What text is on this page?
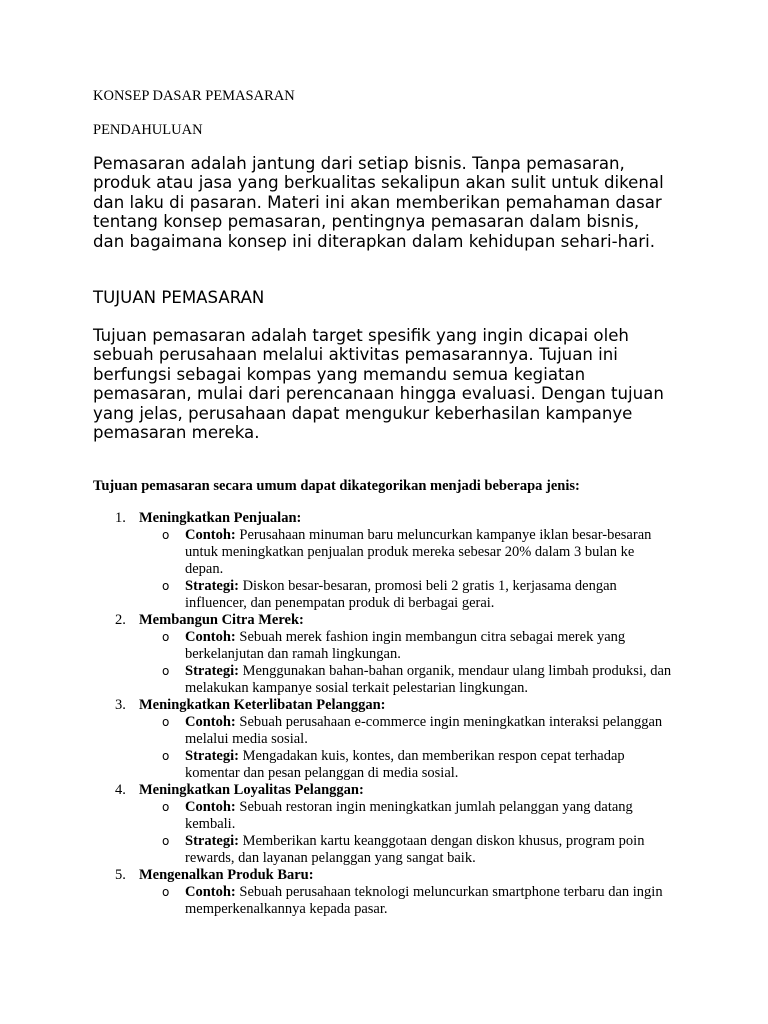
KONSEP DASAR PEMASARAN
PENDAHULUAN

Pemasaran adalah jantung dari setiap bisnis. Tanpa pemasaran, produk atau jasa yang berkualitas sekalipun akan sulit untuk dikenal dan laku di pasaran. Materi ini akan memberikan pemahaman dasar tentang konsep pemasaran, pentingnya pemasaran dalam bisnis, dan bagaimana konsep ini diterapkan dalam kehidupan sehari-hari.

TUJUAN PEMASARAN

Tujuan pemasaran adalah target spesifik yang ingin dicapai oleh sebuah perusahaan melalui aktivitas pemasarannya. Tujuan ini berfungsi sebagai kompas yang memandu semua kegiatan pemasaran, mulai dari perencanaan hingga evaluasi. Dengan tujuan yang jelas, perusahaan dapat mengukur keberhasilan kampanye pemasaran mereka.

Tujuan pemasaran secara umum dapat dikategorikan menjadi beberapa jenis:

1. Meningkatkan Penjualan:
o Contoh: Perusahaan minuman baru meluncurkan kampanye iklan besar-besaran untuk meningkatkan penjualan produk mereka sebesar 20% dalam 3 bulan ke depan.
o Strategi: Diskon besar-besaran, promosi beli 2 gratis 1, kerjasama dengan influencer, dan penempatan produk di berbagai gerai.
2. Membangun Citra Merek:
o Contoh: Sebuah merek fashion ingin membangun citra sebagai merek yang berkelanjutan dan ramah lingkungan.
o Strategi: Menggunakan bahan-bahan organik, mendaur ulang limbah produksi, dan melakukan kampanye sosial terkait pelestarian lingkungan.
3. Meningkatkan Keterlibatan Pelanggan:
o Contoh: Sebuah perusahaan e-commerce ingin meningkatkan interaksi pelanggan melalui media sosial.
o Strategi: Mengadakan kuis, kontes, dan memberikan respon cepat terhadap komentar dan pesan pelanggan di media sosial.
4. Meningkatkan Loyalitas Pelanggan:
o Contoh: Sebuah restoran ingin meningkatkan jumlah pelanggan yang datang kembali.
o Strategi: Memberikan kartu keanggotaan dengan diskon khusus, program poin rewards, dan layanan pelanggan yang sangat baik.
5. Mengenalkan Produk Baru:
o Contoh: Sebuah perusahaan teknologi meluncurkan smartphone terbaru dan ingin memperkenalkannya kepada pasar.
